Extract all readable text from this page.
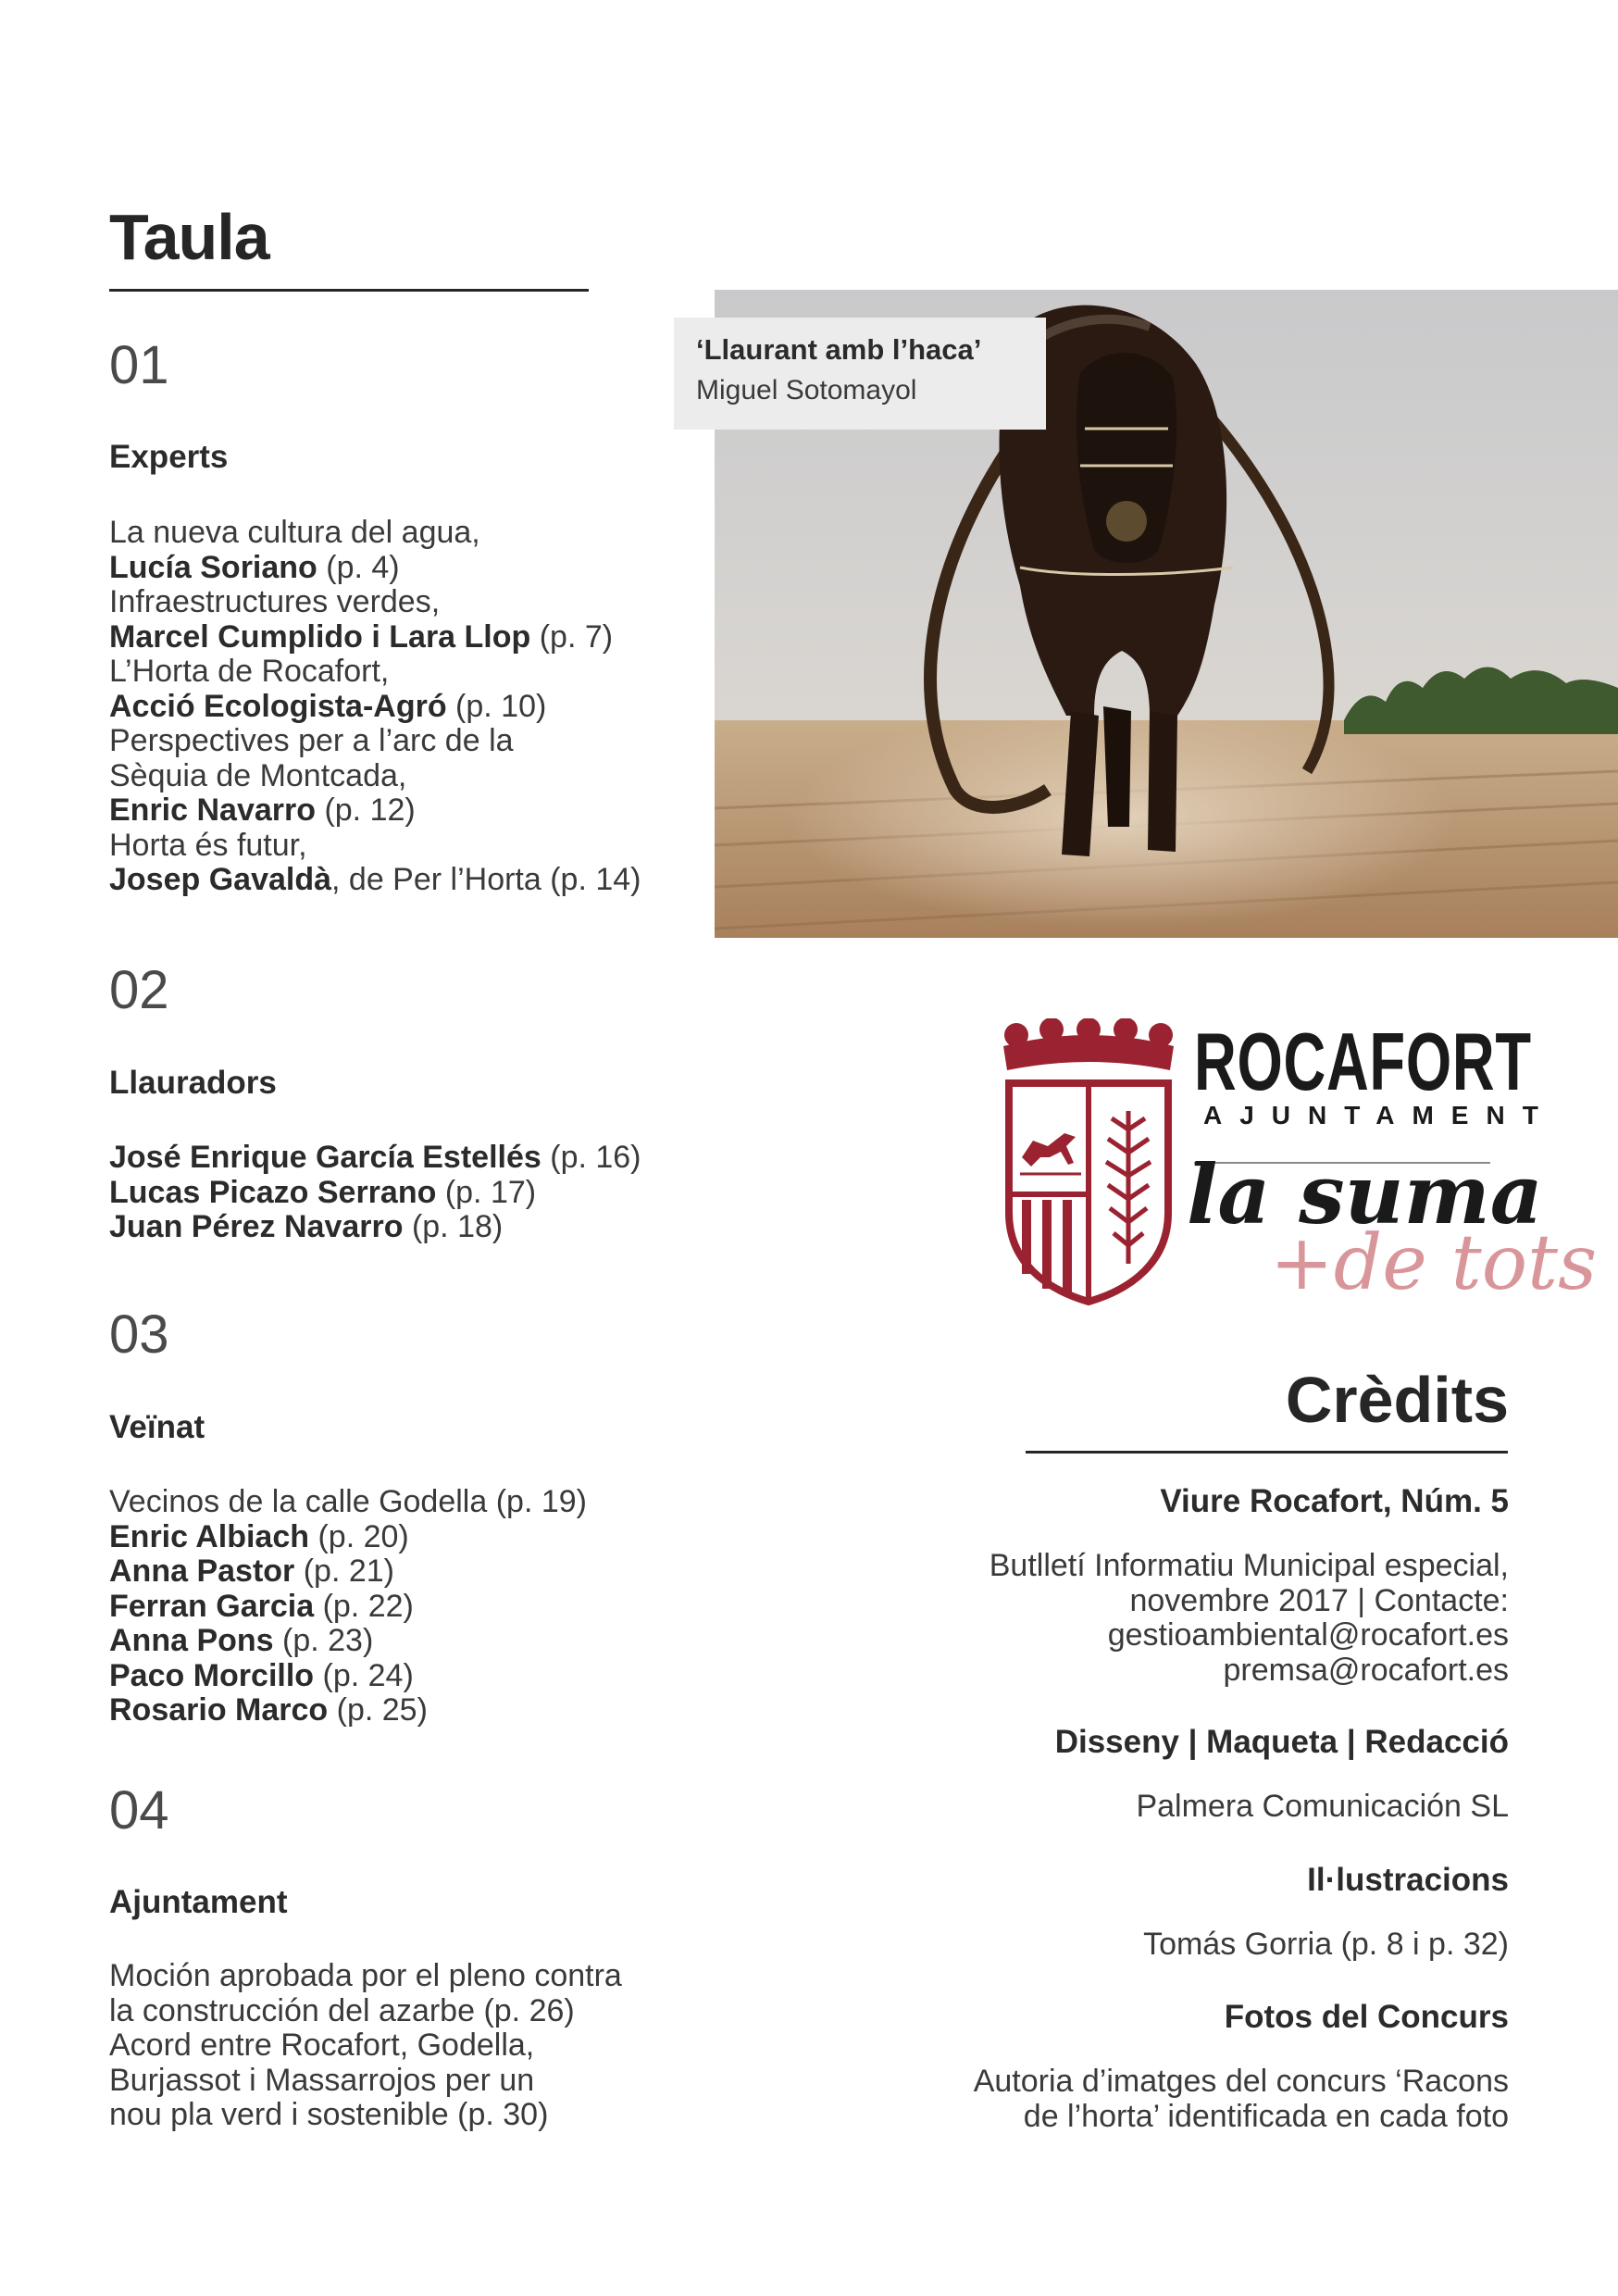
Taula
01
Experts
La nueva cultura del agua,
Lucía Soriano (p. 4)
Infraestructures verdes,
Marcel Cumplido i Lara Llop (p. 7)
L’Horta de Rocafort,
Acció Ecologista-Agró (p. 10)
Perspectives per a l’arc de la
Sèquia de Montcada,
Enric Navarro (p. 12)
Horta és futur,
Josep Gavaldà, de Per l’Horta (p. 14)
02
Llauradors
José Enrique García Estellés (p. 16)
Lucas Picazo Serrano (p. 17)
Juan Pérez Navarro (p. 18)
03
Veïnat
Vecinos de la calle Godella (p. 19)
Enric Albiach (p. 20)
Anna Pastor (p. 21)
Ferran Garcia (p. 22)
Anna Pons (p. 23)
Paco Morcillo (p. 24)
Rosario Marco (p. 25)
04
Ajuntament
Moción aprobada por el pleno contra
la construcción del azarbe (p. 26)
Acord entre Rocafort, Godella,
Burjassot i Massarrojos per un
nou pla verd i sostenible (p. 30)
‘Llaurant amb l’haca’
Miguel Sotomayol
ROCAFORT
AJUNTAMENT
la suma
+de tots
Crèdits
Viure Rocafort, Núm. 5
Butlletí Informatiu Municipal especial,
novembre 2017 | Contacte:
gestioambiental@rocafort.es
premsa@rocafort.es
Disseny | Maqueta | Redacció
Palmera Comunicación SL
Il·lustracions
Tomás Gorria (p. 8 i p. 32)
Fotos del Concurs
Autoria d’imatges del concurs ‘Racons
de l’horta’ identificada en cada foto
